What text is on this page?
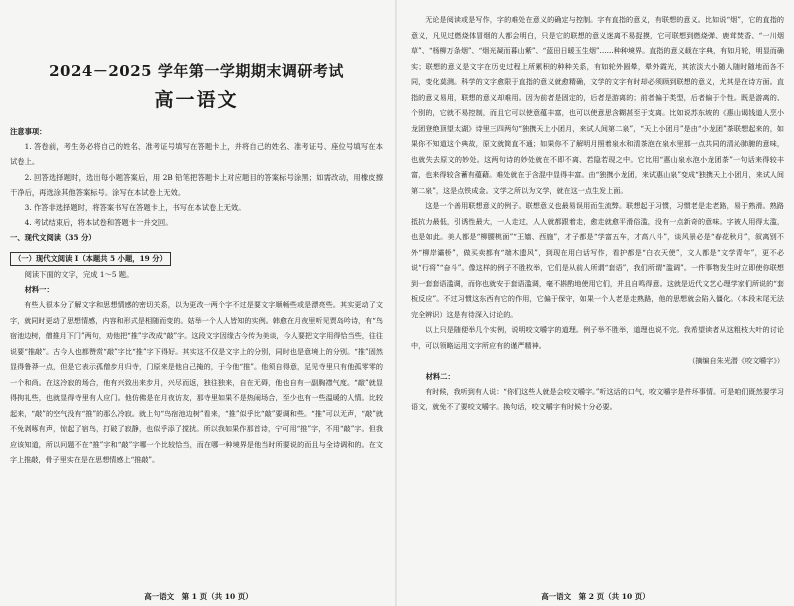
2024－2025 学年第一学期期末调研考试
高一语文

注意事项：

1. 答卷前，考生务必将自己的姓名、准考证号填写在答题卡上，并将自己的姓名、准考证号、座位号填写在本试卷上。

2. 回答选择题时，选出每小题答案后，用 2B 铅笔把答题卡上对应题目的答案标号涂黑；如需改动，用橡皮擦干净后，再选涂其他答案标号。涂写在本试卷上无效。

3. 作答非选择题时，将答案书写在答题卡上，书写在本试卷上无效。

4. 考试结束后，将本试卷和答题卡一并交回。

一、现代文阅读（35 分）

（一）现代文阅读 I（本题共 5 小题，19 分）

阅读下面的文字，完成 1～5 题。

材料一：

有些人很本分了解文字和思想情感的密切关系，以为更改一两个字不过是要文字顺畅些或是漂亮些。其实更动了文字，就同时更动了思想情感，内容和形式是相随而变的。姑举一个人人皆知的实例。韩愈在月夜里听见贾岛吟诗，有“鸟宿池边树，僧推月下门”两句，劝他把“推”字改成“敲”字。这段文字因缘古今传为美谈，今人要把文字用得恰当些，往往说要“推敲”。古今人也都赞赏“敲”字比“推”字下得好。其实这不仅是文字上的分别，同时也是意境上的分别。“推”固然显得鲁莽一点，但是它表示孤僧步月归寺，门原来是他自己掩的，于今他“推”。他须自得意，足见寺里只有他孤零零的一个和尚。在这冷寂的场合，他有兴致出来步月，兴尽而返，独往独来，自在无碍，他也自有一副胸襟气度。“敲”就显得拘礼些，也就显得寺里有人应门。他仿佛是在月夜访友，那寺里如果不是热闹场合，至少也有一些温暖的人情。比较起来，“敲”的空气没有“推”的那么冷寂。就上句“鸟宿池边树”看来，“推”似乎比“敲”要调和些。“推”可以无声，“敲”就不免剥啄有声，惊起了宿鸟，打破了寂静，也似乎添了搅扰。所以我如果作那首诗，宁可用“推”字，不用“敲”字。但我应该知道，所以问题不在“推”字和“敲”字哪一个比较恰当，而在哪一种境界是他当时所要说的而且与全诗调和的。在文字上推敲，骨子里实在是在思想情感上“推敲”。

高一语文　第 1 页（共 10 页）

无论是阅读或是写作，字的难处在意义的确定与控制。字有直指的意义，有联想的意义。比如说“烟”，它的直指的意义，凡见过燃烧体冒烟的人都会明白，只是它的联想的意义迷离不易捉摸，它可联想到燃烧弹、鹿茸焚香、“一川烟草”、“杨柳万条烟”、“烟光凝而暮山紫”、“蓝田日暖玉生烟”……种种境界。直指的意义载在字典，有如月轮，明显而确实；联想的意义是文字在历史过程上所累积的种种关系，有如轮外圆晕，晕外霞光，其浓淡大小随人随时随地而各不同，变化莫测。科学的文字愈限于直指的意义就愈精确，文学的文字有时却必须顾到联想的意义，尤其是在诗方面。直指的意义易用，联想的意义却难用。因为前者是固定的，后者是游离的；前者偏于类型，后者偏于个性。既是游离的、个别的，它就不易控制，而且它可以使意蕴丰富，也可以使意思含糊甚至于支离。比如说苏东坡的《惠山谒钱道人烹小龙团登绝顶望太湖》诗里三四两句“独携天上小团月，来试人间第二泉”，“天上小团月”是由“小龙团”茶联想起来的，如果你不知道这个典故，原文就简直不通；如果你不了解明月照着泉水和清茶泡在泉水里那一点共同的清沁肺腑的意味，也就失去原文的妙处。这两句诗的妙处就在不即不离、若隐若现之中。它比用“惠山泉水泡小龙团茶”一句话来得较丰富，也来得较含蓄有蕴藉。难处就在于含混中显得丰富。由“独携小龙团，来试惠山泉”变成“独携天上小团月，来试人间第二泉”，这是点铁成金。文学之所以为文学，就在这一点生发上面。

这是一个善用联想意义的例子。联想意义也最易误用而生流弊。联想起于习惯，习惯老是走老路，易于熟滑。熟路抵抗力最低，引诱性最大，一人走过，人人就都跟着走，愈走就愈平滑俗滥，没有一点新奇的意味。字被人用得太滥，也是如此。美人都是“柳腰桃面”“王嫱、西施”，才子都是“学富五车，才高八斗”，谈风景必是“春花秋月”，叙离别不外“柳岸灞桥”，做买卖都有“端木遗风”，到现在用白话写作，看护都是“白衣天使”，文人都是“文学青年”，更不必说“行将”“奋斗”。像这样的例子不胜枚举，它们是从前人所谓“套语”，我们所谓“滥调”。一件事物发生时立即使你联想到一套套语滥调，而你也就安于套语滥调，毫不斟酌地使用它们，并且自鸣得意。这就是近代文艺心理学家们所说的“套板反应”。不过习惯这东西有它的作用，它偏于保守，如果一个人老是走熟路，他的思想就会陷入僵化。（本段末尾无法完全辨识）这是有待深入讨论的。

以上只是随便举几个实例，说明咬文嚼字的道理。例子举不胜举，道理也说不完。我希望读者从这粗枝大叶的讨论中，可以领略运用文字所应有的谨严精神。

（摘编自朱光潜《咬文嚼字》）

材料二：

有时候，我听到有人说：“你们这些人就是会咬文嚼字。”听这话的口气，咬文嚼字是件坏事情。可是咱们既然要学习语文，就免不了要咬文嚼字。换句话，咬文嚼字有时候十分必要。

高一语文　第 2 页（共 10 页）
